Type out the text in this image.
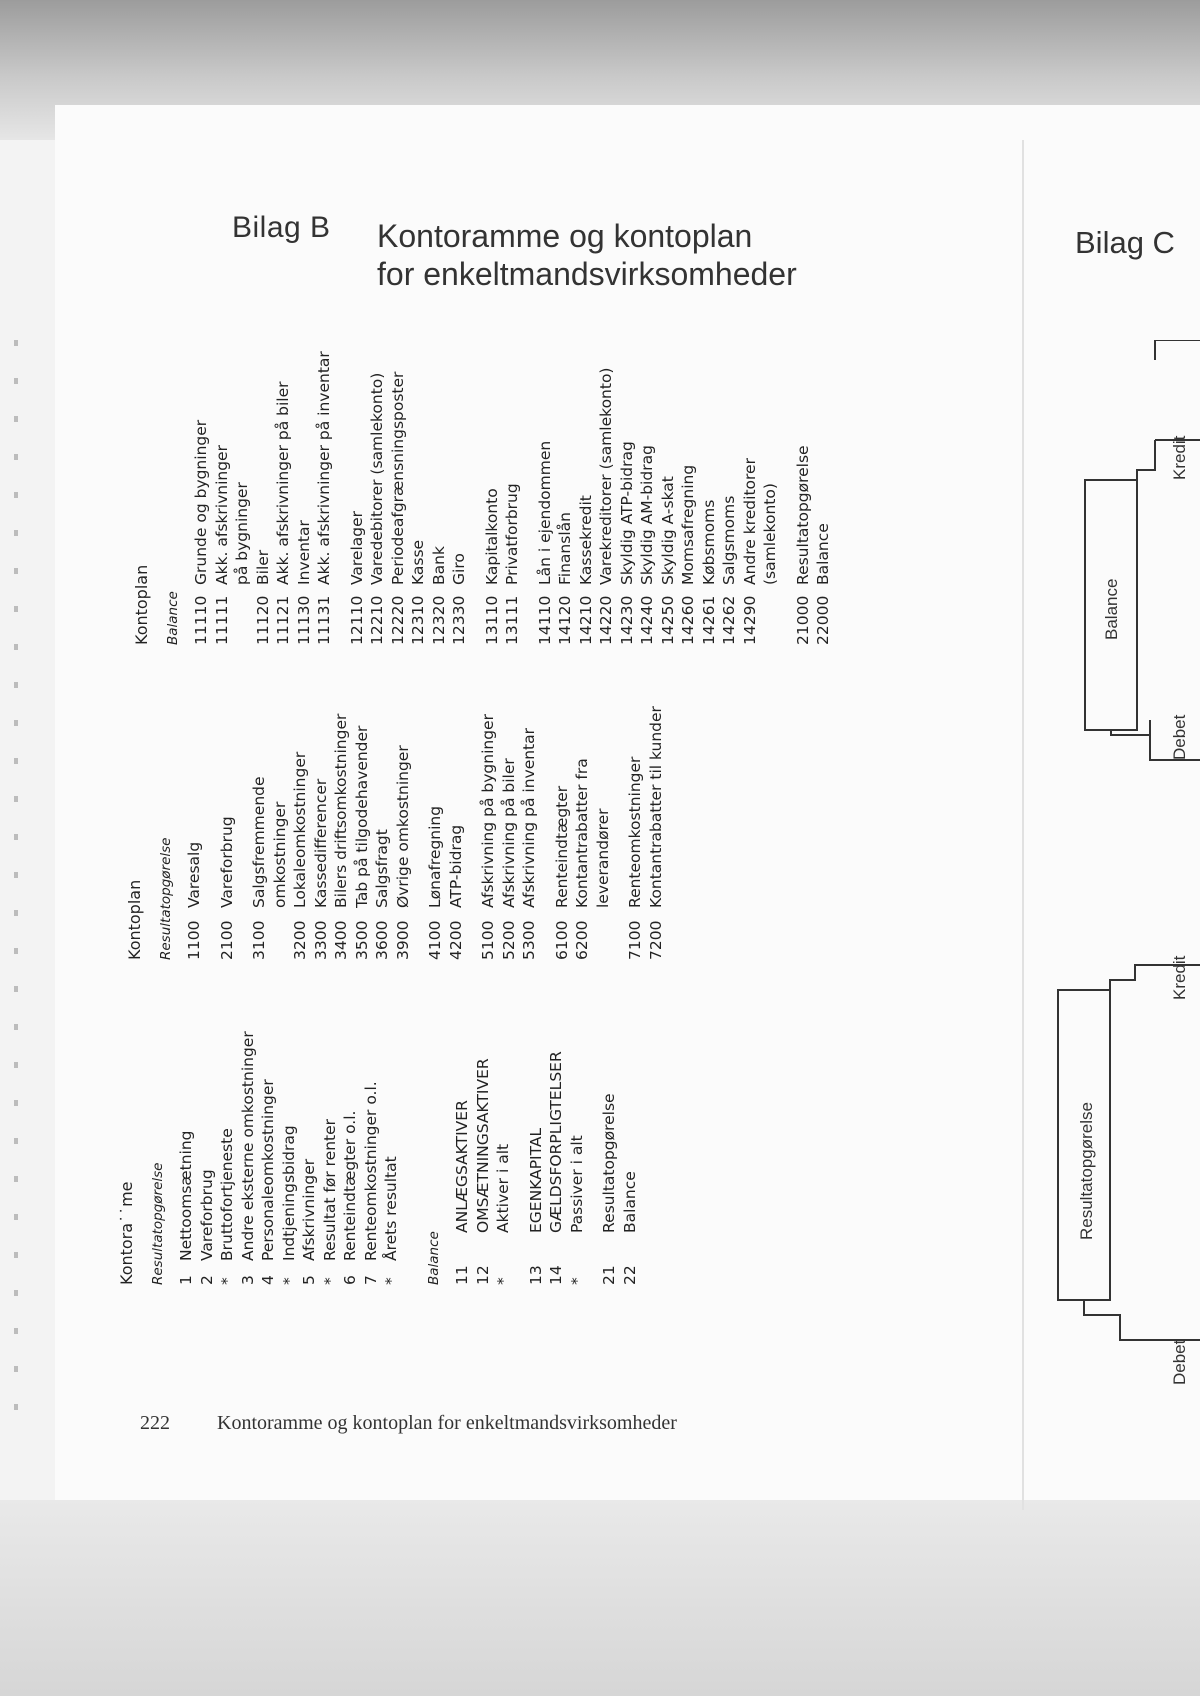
Bilag B Kontoramme og kontoplan
for enkeltmandsvirksomheder
Bilag C
Kontora˙˙me Resultatopgørelse 1
Nettoomsætning
2
Vareforbrug
*
Bruttofortjeneste
3
Andre eksterne omkostninger
4
Personaleomkostninger
*
Indtjeningsbidrag
5
Afskrivninger
*
Resultat før renter
6
Renteindtægter o.l.
7
Renteomkostninger o.l.
*
Årets resultat Balance 11
ANLÆGSAKTIVER
12
OMSÆTNINGSAKTIVER
*
Aktiver i alt
13
EGENKAPITAL
14
GÆLDSFORPLIGTELSER
*
Passiver i alt
21
Resultatopgørelse
22
Balance
Kontoplan Resultatopgørelse 1100
Varesalg
2100
Vareforbrug
3100
Salgsfremmende omkostninger
3200
Lokaleomkostninger
3300
Kassedifferencer
3400
Bilers driftsomkostninger
3500
Tab på tilgodehavender
3600
Salgsfragt
3900
Øvrige omkostninger
4100
Lønafregning
4200
ATP-bidrag
5100
Afskrivning på bygninger
5200
Afskrivning på biler
5300
Afskrivning på inventar
6100
Renteindtægter
6200
Kontantrabatter fra leverandører
7100
Renteomkostninger
7200
Kontantrabatter til kunder
Kontoplan Balance 11110
Grunde og bygninger
11111
Akk. afskrivninger på bygninger
11120
Biler
11121
Akk. afskrivninger på biler
11130
Inventar
11131
Akk. afskrivninger på inventar
12110
Varelager
12210
Varedebitorer (samlekonto)
12220
Periodeafgrænsningsposter
12310
Kasse
12320
Bank
12330
Giro
13110
Kapitalkonto
13111
Privatforbrug
14110
Lån i ejendommen
14120
Finanslån
14210
Kassekredit
14220
Varekreditorer (samlekonto)
14230
Skyldig ATP-bidrag
14240
Skyldig AM-bidrag
14250
Skyldig A-skat
14260
Momsafregning
14261
Købsmoms
14262
Salgsmoms
14290
Andre kreditorer (samlekonto)
21000
Resultatopgørelse
22000
Balance
222 Kontoramme og kontoplan for enkeltmandsvirksomheder
Balance
Resultatopgørelse
Debet
Kredit
Debet
Kredit
